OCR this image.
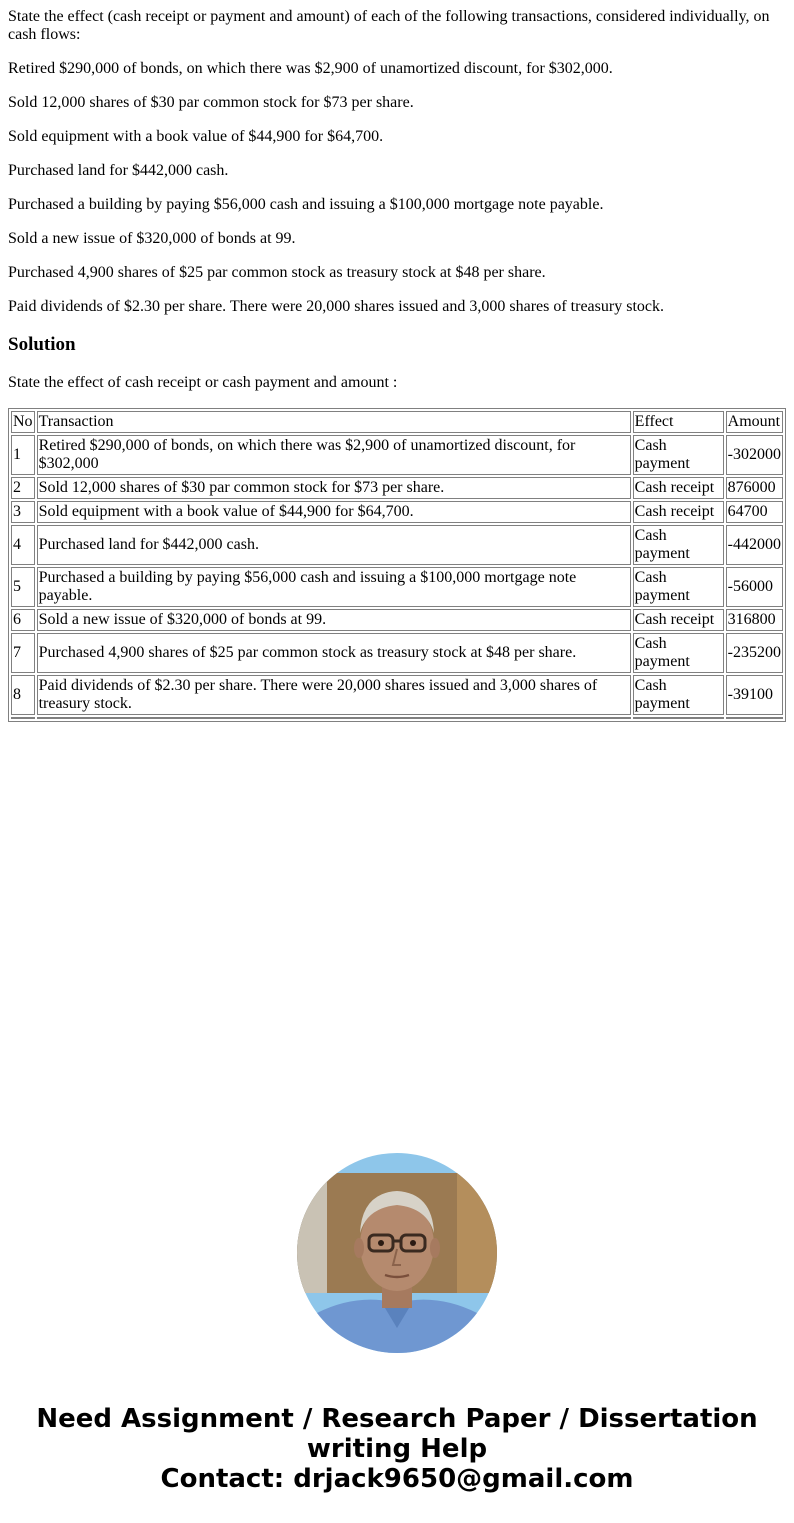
State the effect (cash receipt or payment and amount) of each of the following transactions, considered individually, on cash flows:

Retired $290,000 of bonds, on which there was $2,900 of unamortized discount, for $302,000.

Sold 12,000 shares of $30 par common stock for $73 per share.

Sold equipment with a book value of $44,900 for $64,700.

Purchased land for $442,000 cash.

Purchased a building by paying $56,000 cash and issuing a $100,000 mortgage note payable.

Sold a new issue of $320,000 of bonds at 99.

Purchased 4,900 shares of $25 par common stock as treasury stock at $48 per share.

Paid dividends of $2.30 per share. There were 20,000 shares issued and 3,000 shares of treasury stock.

Solution

State the effect of cash receipt or cash payment and amount :

No	Transaction	Effect	Amount
1	Retired $290,000 of bonds, on which there was $2,900 of unamortized discount, for $302,000	Cash payment	-302000
2	Sold 12,000 shares of $30 par common stock for $73 per share.	Cash receipt	876000
3	Sold equipment with a book value of $44,900 for $64,700.	Cash receipt	64700
4	Purchased land for $442,000 cash.	Cash payment	-442000
5	Purchased a building by paying $56,000 cash and issuing a $100,000 mortgage note payable.	Cash payment	-56000
6	Sold a new issue of $320,000 of bonds at 99.	Cash receipt	316800
7	Purchased 4,900 shares of $25 par common stock as treasury stock at $48 per share.	Cash payment	-235200
8	Paid dividends of $2.30 per share. There were 20,000 shares issued and 3,000 shares of treasury stock.	Cash payment	-39100

Need Assignment / Research Paper / Dissertation writing Help
Contact: drjack9650@gmail.com
